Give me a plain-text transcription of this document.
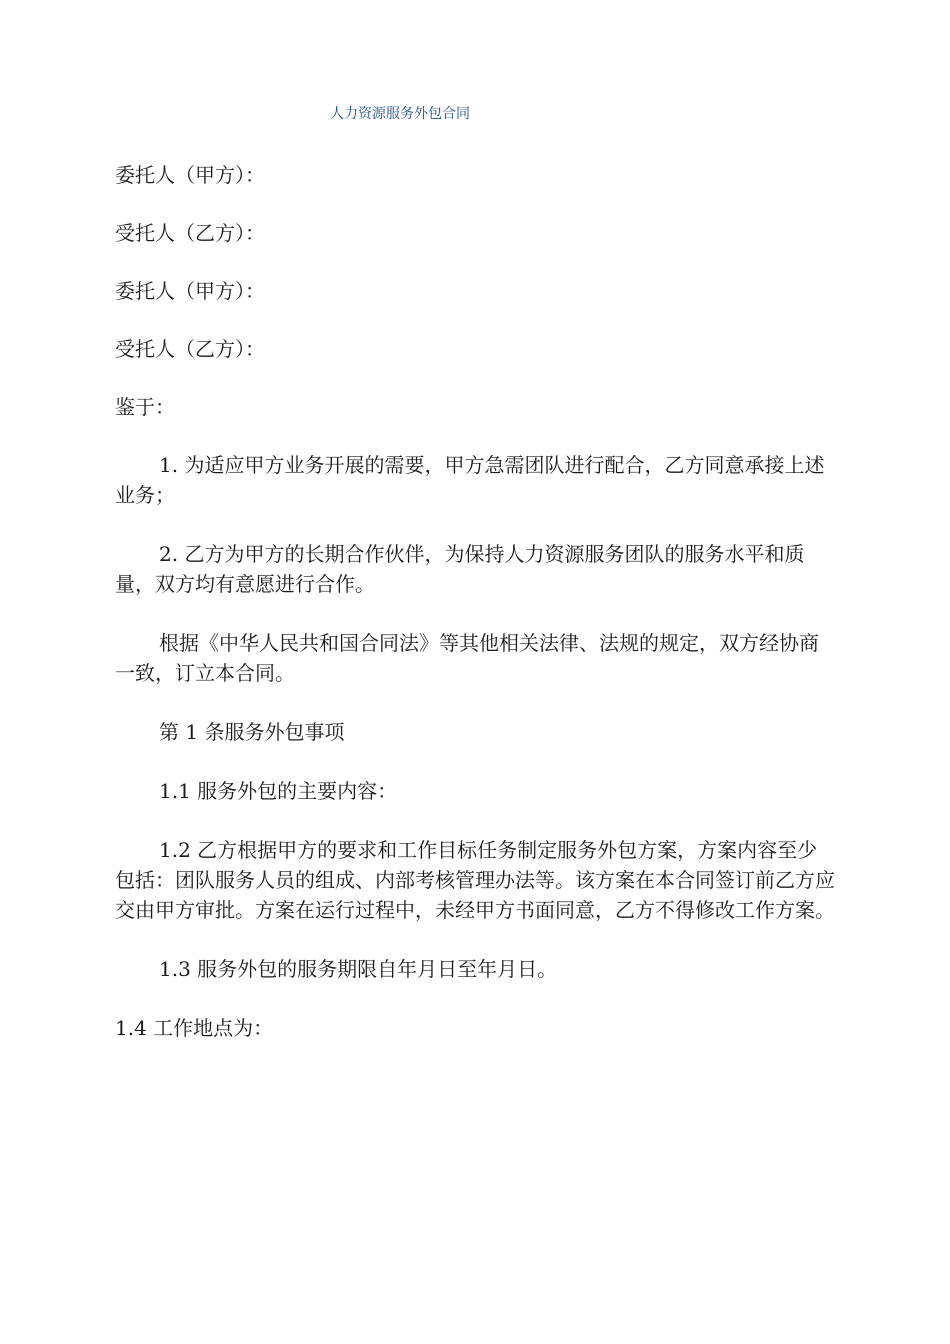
人力资源服务外包合同

委托人（甲方）：

受托人（乙方）：

委托人（甲方）：

受托人（乙方）：

鉴于：

1. 为适应甲方业务开展的需要，甲方急需团队进行配合，乙方同意承接上述业务；

2. 乙方为甲方的长期合作伙伴，为保持人力资源服务团队的服务水平和质量，双方均有意愿进行合作。

根据《中华人民共和国合同法》等其他相关法律、法规的规定，双方经协商一致，订立本合同。

第 1 条服务外包事项

1.1 服务外包的主要内容：

1.2 乙方根据甲方的要求和工作目标任务制定服务外包方案，方案内容至少包括：团队服务人员的组成、内部考核管理办法等。该方案在本合同签订前乙方应交由甲方审批。方案在运行过程中，未经甲方书面同意，乙方不得修改工作方案。

1.3 服务外包的服务期限自年月日至年月日。

1.4 工作地点为：
